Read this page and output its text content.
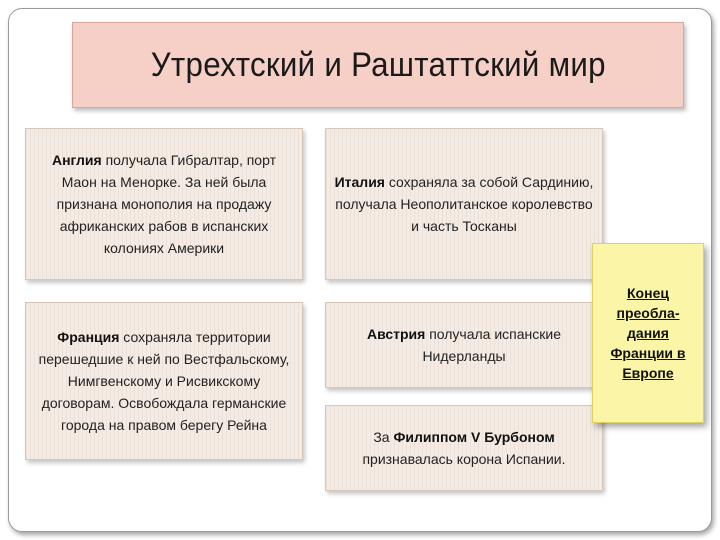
Утрехтский и Раштаттский мир

Англия получала Гибралтар, порт Маон на Менорке. За ней была признана монополия на продажу африканских рабов в испанских колониях Америки

Италия сохраняла за собой Сардинию, получала Неополитанское королевство и часть Тосканы

Франция сохраняла территории перешедшие к ней по Вестфальскому, Нимгвенскому и Рисвикскому договорам. Освобождала германские города на правом берегу Рейна

Австрия получала испанские Нидерланды

За Филиппом V Бурбоном признавалась корона Испании.

Конец преобла-дания Франции в Европе
